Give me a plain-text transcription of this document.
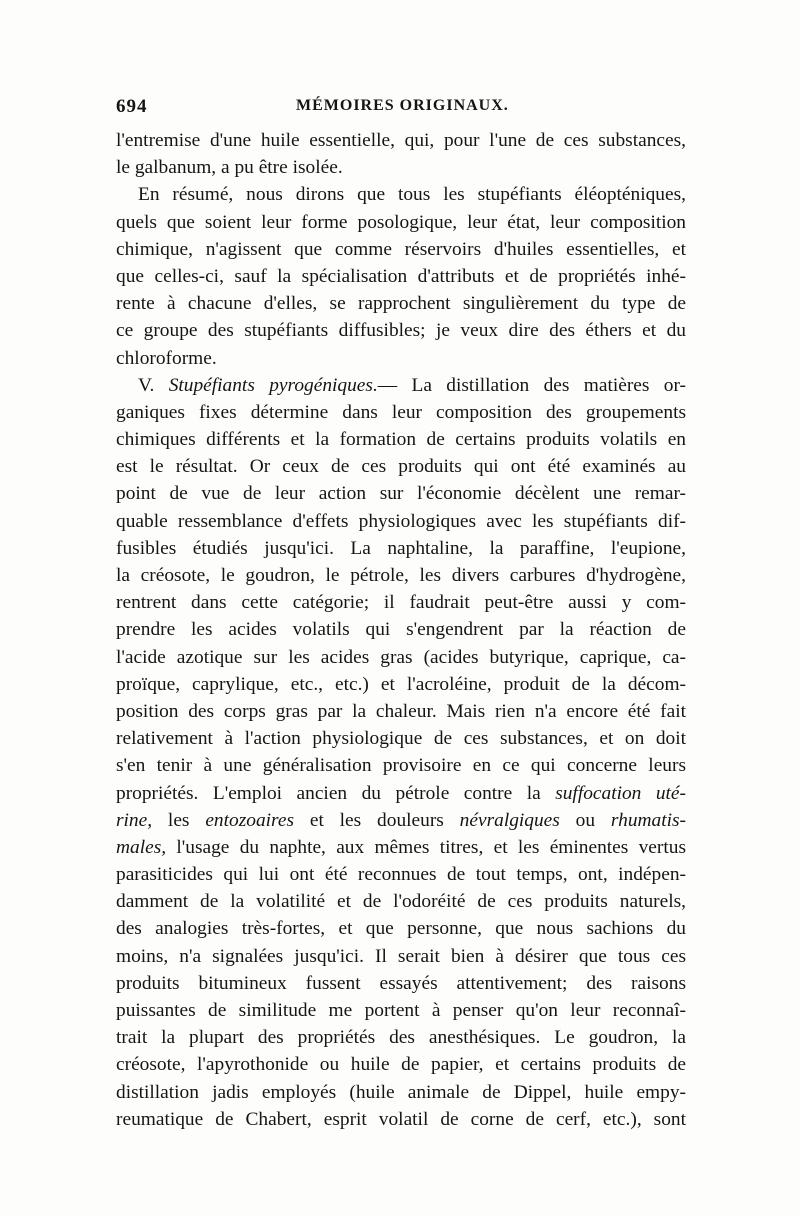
694	MÉMOIRES ORIGINAUX.
l'entremise d'une huile essentielle, qui, pour l'une de ces substances,
le galbanum, a pu être isolée.
En résumé, nous dirons que tous les stupéfiants éléopténiques,
quels que soient leur forme posologique, leur état, leur composition
chimique, n'agissent que comme réservoirs d'huiles essentielles, et
que celles-ci, sauf la spécialisation d'attributs et de propriétés inhé-
rente à chacune d'elles, se rapprochent singulièrement du type de
ce groupe des stupéfiants diffusibles; je veux dire des éthers et du
chloroforme.
V. Stupéfiants pyrogéniques.— La distillation des matières or-
ganiques fixes détermine dans leur composition des groupements
chimiques différents et la formation de certains produits volatils en
est le résultat. Or ceux de ces produits qui ont été examinés au
point de vue de leur action sur l'économie décèlent une remar-
quable ressemblance d'effets physiologiques avec les stupéfiants dif-
fusibles étudiés jusqu'ici. La naphtaline, la paraffine, l'eupione,
la créosote, le goudron, le pétrole, les divers carbures d'hydrogène,
rentrent dans cette catégorie; il faudrait peut-être aussi y com-
prendre les acides volatils qui s'engendrent par la réaction de
l'acide azotique sur les acides gras (acides butyrique, caprique, ca-
proïque, caprylique, etc., etc.) et l'acroléine, produit de la décom-
position des corps gras par la chaleur. Mais rien n'a encore été fait
relativement à l'action physiologique de ces substances, et on doit
s'en tenir à une généralisation provisoire en ce qui concerne leurs
propriétés. L'emploi ancien du pétrole contre la suffocation uté-
rine, les entozoaires et les douleurs névralgiques ou rhumatis-
males, l'usage du naphte, aux mêmes titres, et les éminentes vertus
parasiticides qui lui ont été reconnues de tout temps, ont, indépen-
damment de la volatilité et de l'odoréité de ces produits naturels,
des analogies très-fortes, et que personne, que nous sachions du
moins, n'a signalées jusqu'ici. Il serait bien à désirer que tous ces
produits bitumineux fussent essayés attentivement; des raisons
puissantes de similitude me portent à penser qu'on leur reconnaî-
trait la plupart des propriétés des anesthésiques. Le goudron, la
créosote, l'apyrothonide ou huile de papier, et certains produits de
distillation jadis employés (huile animale de Dippel, huile empy-
reumatique de Chabert, esprit volatil de corne de cerf, etc.), sont
